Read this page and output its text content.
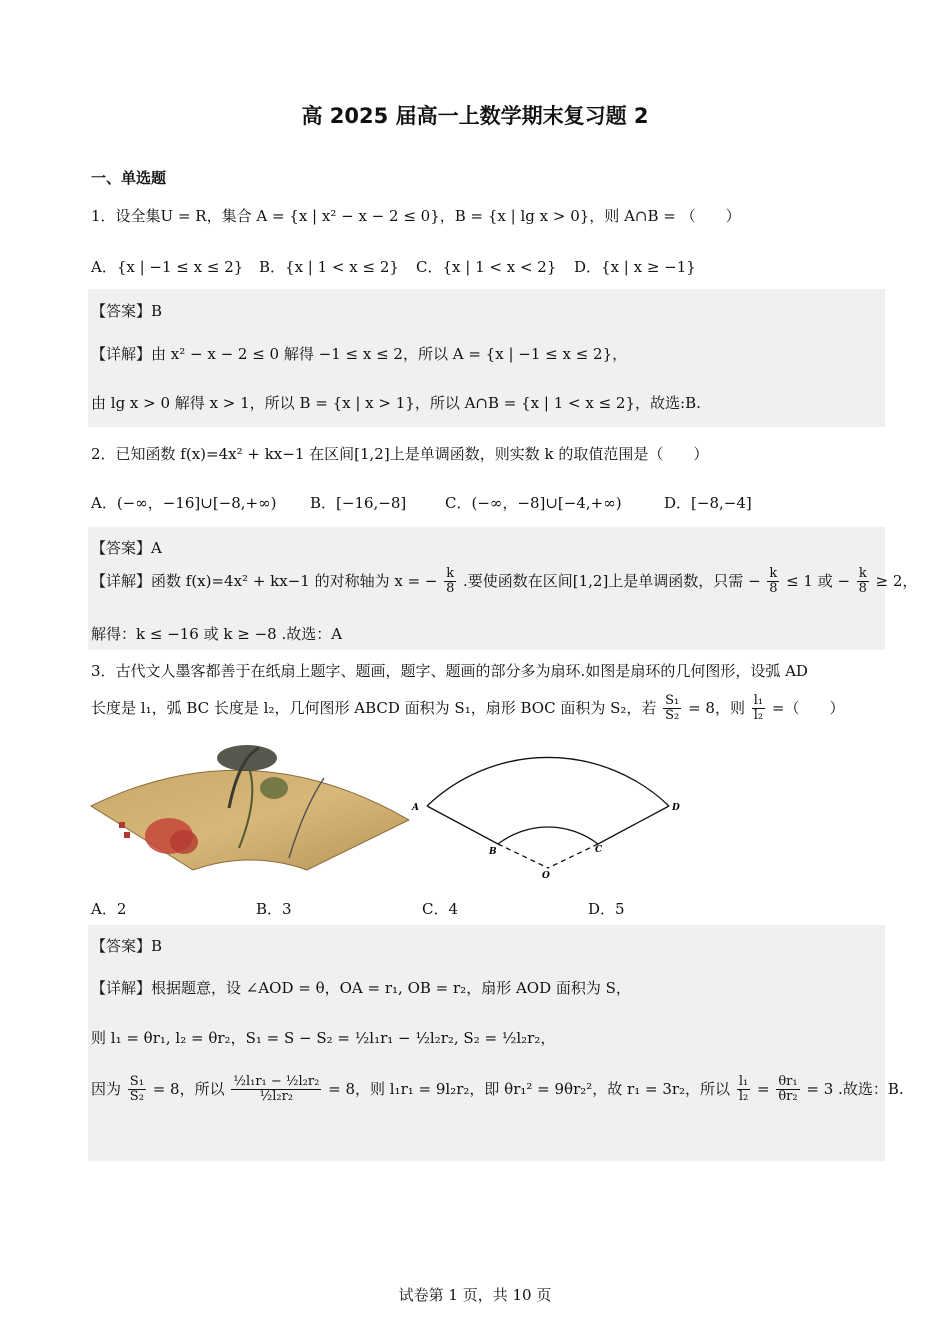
高 2025 届高一上数学期末复习题 2
一、单选题
1．设全集U = R，集合 A = {x | x² − x − 2 ≤ 0}，B = {x | lg x > 0}，则 A∩B = （　　）
A．{x | −1 ≤ x ≤ 2} B．{x | 1 < x ≤ 2} C．{x | 1 < x < 2} D．{x | x ≥ −1}
【答案】B
【详解】由 x² − x − 2 ≤ 0 解得 −1 ≤ x ≤ 2，所以 A = {x | −1 ≤ x ≤ 2}，
由 lg x > 0 解得 x > 1，所以 B = {x | x > 1}，所以 A∩B = {x | 1 < x ≤ 2}，故选:B.
2．已知函数 f(x)=4x² + kx−1 在区间[1,2]上是单调函数，则实数 k 的取值范围是（　　）
A．(−∞，−16]∪[−8,+∞) B．[−16,−8]	C．(−∞，−8]∪[−4,+∞)	D．[−8,−4]
【答案】A
【详解】函数 f(x)=4x² + kx−1 的对称轴为 x = − $\frac{k}{8}$ .要使函数在区间[1,2]上是单调函数，只需 − $\frac{k}{8} \le 1$ 或 − $\frac{k}{8} \ge 2$，
解得：k ≤ −16 或 k ≥ −8 .故选：A
3．古代文人墨客都善于在纸扇上题字、题画，题字、题画的部分多为扇环.如图是扇环的几何图形，设弧 AD
长度是 l₁，弧 BC 长度是 l₂，几何图形 ABCD 面积为 S₁，扇形 BOC 面积为 S₂，若 $\frac{\text{S₁}}{\text{S₂}} = 8$，则 $\frac{\text{l₁}}{\text{l₂}}$ =（　　）
A	D
B	C
O
A．2	B．3	C．4	D．5
【答案】B
【详解】根据题意，设 ∠AOD = θ，OA = r₁, OB = r₂，扇形 AOD 面积为 S，
则 l₁ = θr₁, l₂ = θr₂，S₁ = S − S₂ = ½l₁r₁ − ½l₂r₂, S₂ = ½l₂r₂，
因为 $\frac{\text{S₁}}{\text{S₂}} = 8$，所以 $\frac{\text{½l₁r₁ − ½l₂r₂}}{\text{½l₂r₂}} = 8$，则 l₁r₁ = 9l₂r₂，即 θr₁² = 9θr₂²，故 r₁ = 3r₂，所以 $\frac{\text{l₁}}{\text{l₂}} = \frac{\text{θr₁}}{\text{θr₂}} = 3$ .故选：B.
试卷第 1 页，共 10 页
